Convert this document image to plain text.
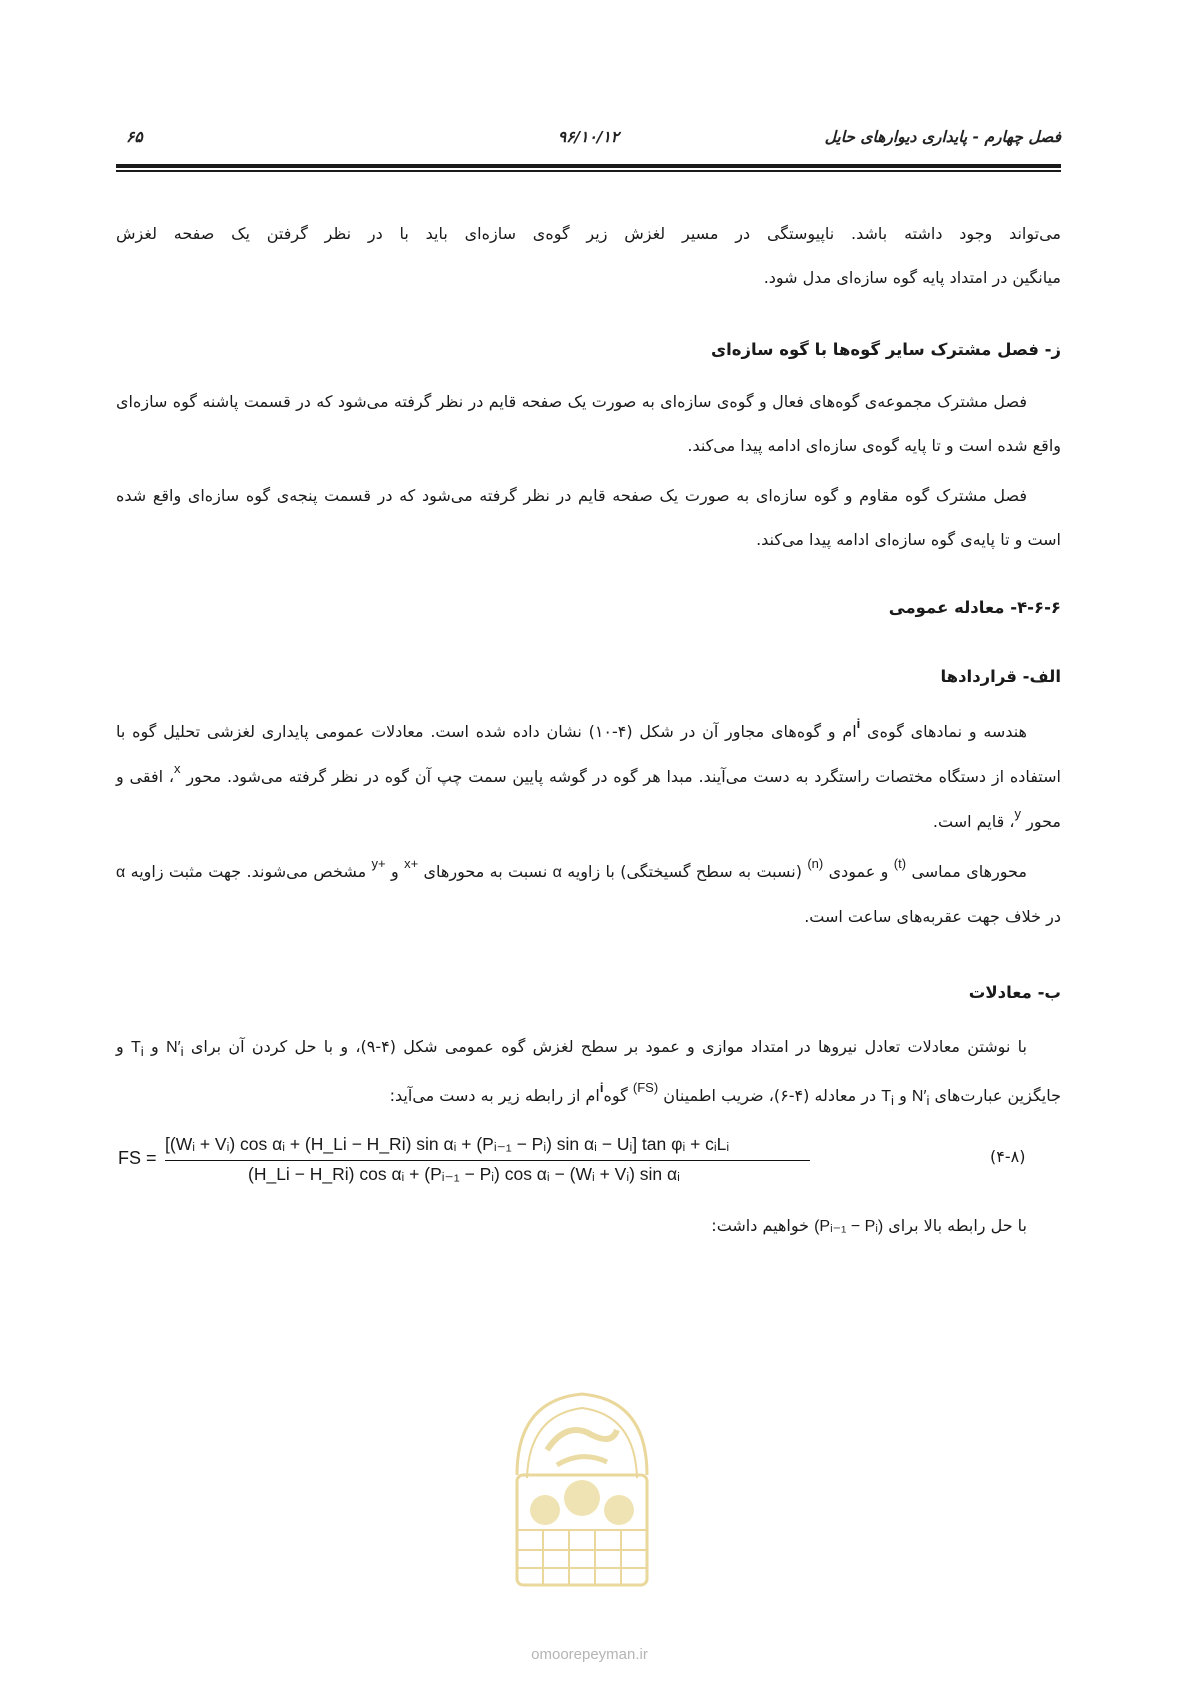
فصل چهارم - پایداری دیوارهای حایل
۹۶/۱۰/۱۲
۶۵
می‌تواند وجود داشته باشد. ناپیوستگی در مسیر لغزش زیر گوه‌ی سازه‌ای باید با در نظر گرفتن یک صفحه لغزش
میانگین در امتداد پایه گوه سازه‌ای مدل شود.
ز- فصل مشترک سایر گوه‌ها با گوه سازه‌ای
فصل مشترک مجموعه‌ی گوه‌های فعال و گوه‌ی سازه‌ای به صورت یک صفحه قایم در نظر گرفته می‌شود که در قسمت پاشنه گوه سازه‌ای واقع شده است و تا پایه گوه‌ی سازه‌ای ادامه پیدا می‌کند.
فصل مشترک گوه مقاوم و گوه سازه‌ای به صورت یک صفحه قایم در نظر گرفته می‌شود که در قسمت پنجه‌ی گوه سازه‌ای واقع شده است و تا پایه‌ی گوه سازه‌ای ادامه پیدا می‌کند.
۴-۶-۶- معادله عمومی
الف- قراردادها
هندسه و نمادهای گوه‌ی $^i$ام و گوه‌های مجاور آن در شکل (۴-۱۰) نشان داده شده است. معادلات عمومی پایداری لغزشی تحلیل گوه با استفاده از دستگاه مختصات راستگرد به دست می‌آیند. مبدا هر گوه در گوشه پایین سمت چپ آن گوه در نظر گرفته می‌شود. محور $^x$، افقی و محور $^y$، قایم است.
محورهای مماسی $^{(t)}$ و عمودی $^{(n)}$ (نسبت به سطح گسیختگی) با زاویه α نسبت به محورهای $^{+x}$ و $^{+y}$ مشخص می‌شوند. جهت مثبت زاویه α در خلاف جهت عقربه‌های ساعت است.
ب- معادلات
با نوشتن معادلات تعادل نیروها در امتداد موازی و عمود بر سطح لغزش گوه عمومی شکل (۴-۹)، و با حل کردن آن برای $N'_i$ و $T_i$ و جایگزین عبارت‌های $N'_i$ و $T_i$ در معادله (۴-۶)، ضریب اطمینان $^{(FS)}$ گوه$^i$ام از رابطه زیر به دست می‌آید:
FS =
[(Wᵢ + Vᵢ) cos αᵢ + (H_Li − H_Ri) sin αᵢ + (Pᵢ₋₁ − Pᵢ) sin αᵢ − Uᵢ] tan φᵢ + cᵢLᵢ
(H_Li − H_Ri) cos αᵢ + (Pᵢ₋₁ − Pᵢ) cos αᵢ − (Wᵢ + Vᵢ) sin αᵢ
(۴-۸)
با حل رابطه بالا برای (Pᵢ₋₁ − Pᵢ) خواهیم داشت:
omoorepeyman.ir
